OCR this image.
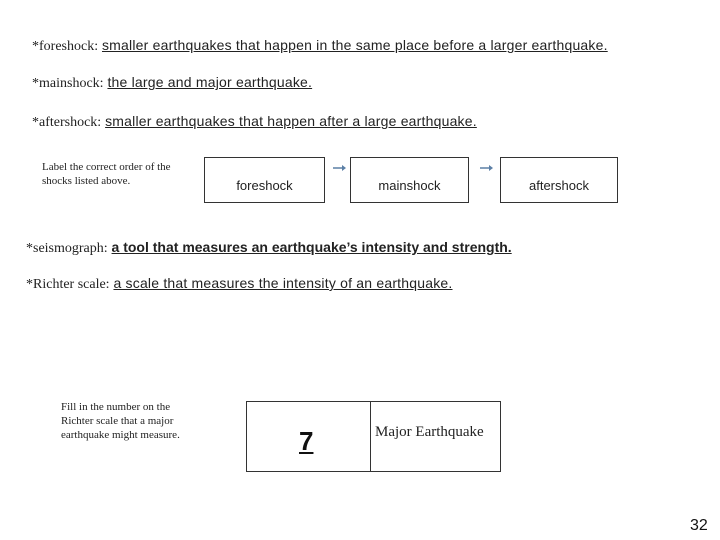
*foreshock: smaller earthquakes that happen in the same place before a larger earthquake.
*mainshock: the large and major earthquake.
*aftershock: smaller earthquakes that happen after a large earthquake.
Label the correct order of the shocks listed above.	foreshock	mainshock	aftershock
*seismograph: a tool that measures an earthquake’s intensity and strength.
*Richter scale: a scale that measures the intensity of an earthquake.
Fill in the number on the Richter scale that a major earthquake might measure.	7	Major Earthquake
32
